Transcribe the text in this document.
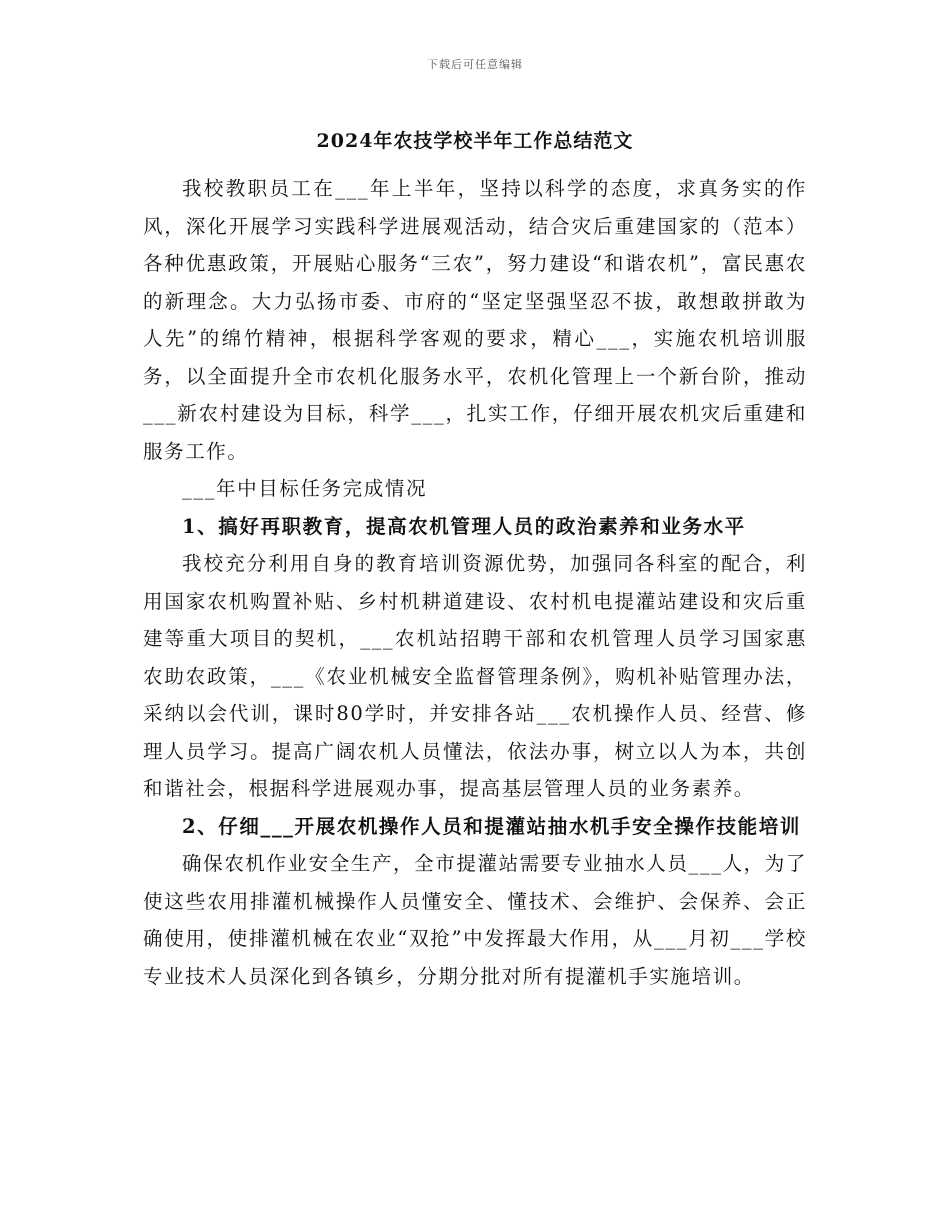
下载后可任意编辑
2024年农技学校半年工作总结范文

我校教职员工在___年上半年，坚持以科学的态度，求真务实的作风，深化开展学习实践科学进展观活动，结合灾后重建国家的（范本）各种优惠政策，开展贴心服务“三农”，努力建设“和谐农机”，富民惠农的新理念。大力弘扬市委、市府的“坚定坚强坚忍不拔，敢想敢拼敢为人先”的绵竹精神，根据科学客观的要求，精心___，实施农机培训服务，以全面提升全市农机化服务水平，农机化管理上一个新台阶，推动___新农村建设为目标，科学___，扎实工作，仔细开展农机灾后重建和服务工作。

___年中目标任务完成情况

1、搞好再职教育，提高农机管理人员的政治素养和业务水平

我校充分利用自身的教育培训资源优势，加强同各科室的配合，利用国家农机购置补贴、乡村机耕道建设、农村机电提灌站建设和灾后重建等重大项目的契机，___农机站招聘干部和农机管理人员学习国家惠农助农政策，___《农业机械安全监督管理条例》，购机补贴管理办法，采纳以会代训，课时80学时，并安排各站___农机操作人员、经营、修理人员学习。提高广阔农机人员懂法，依法办事，树立以人为本，共创和谐社会，根据科学进展观办事，提高基层管理人员的业务素养。

2、仔细___开展农机操作人员和提灌站抽水机手安全操作技能培训

确保农机作业安全生产，全市提灌站需要专业抽水人员___人，为了使这些农用排灌机械操作人员懂安全、懂技术、会维护、会保养、会正确使用，使排灌机械在农业“双抢”中发挥最大作用，从___月初___学校专业技术人员深化到各镇乡，分期分批对所有提灌机手实施培训。
